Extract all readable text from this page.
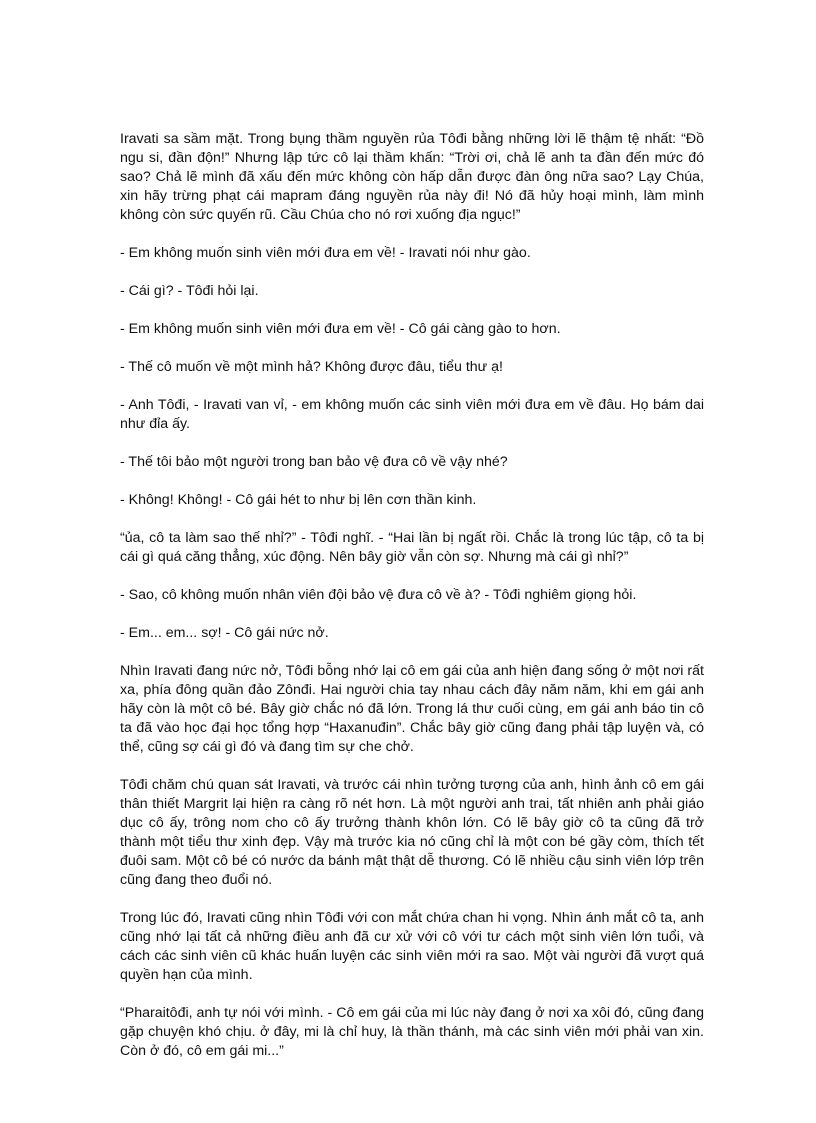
Iravati sa sầm mặt. Trong bụng thầm nguyền rủa Tôđi bằng những lời lẽ thậm tệ nhất: “Đồ ngu si, đần độn!” Nhưng lập tức cô lại thầm khấn: “Trời ơi, chả lẽ anh ta đần đến mức đó sao? Chả lẽ mình đã xấu đến mức không còn hấp dẫn được đàn ông nữa sao? Lạy Chúa, xin hãy trừng phạt cái mapram đáng nguyền rủa này đi! Nó đã hủy hoại mình, làm mình không còn sức quyến rũ. Cầu Chúa cho nó rơi xuống địa ngục!”

- Em không muốn sinh viên mới đưa em về! - Iravati nói như gào.

- Cái gì? - Tôđi hỏi lại.

- Em không muốn sinh viên mới đưa em về! - Cô gái càng gào to hơn.

- Thế cô muốn về một mình hả? Không được đâu, tiểu thư ạ!

- Anh Tôđi, - Iravati van vỉ, - em không muốn các sinh viên mới đưa em về đâu. Họ bám dai như đỉa ấy.

- Thế tôi bảo một người trong ban bảo vệ đưa cô về vậy nhé?

- Không! Không! - Cô gái hét to như bị lên cơn thần kinh.

“ủa, cô ta làm sao thế nhỉ?” - Tôđi nghĩ. - “Hai lần bị ngất rồi. Chắc là trong lúc tập, cô ta bị cái gì quá căng thẳng, xúc động. Nên bây giờ vẫn còn sợ. Nhưng mà cái gì nhỉ?”

- Sao, cô không muốn nhân viên đội bảo vệ đưa cô về à? - Tôđi nghiêm giọng hỏi.

- Em... em... sợ! - Cô gái nức nở.

Nhìn Iravati đang nức nở, Tôđi bỗng nhớ lại cô em gái của anh hiện đang sống ở một nơi rất xa, phía đông quần đảo Zônđi. Hai người chia tay nhau cách đây năm năm, khi em gái anh hãy còn là một cô bé. Bây giờ chắc nó đã lớn. Trong lá thư cuối cùng, em gái anh báo tin cô ta đã vào học đại học tổng hợp “Haxanuđin”. Chắc bây giờ cũng đang phải tập luyện và, có thể, cũng sợ cái gì đó và đang tìm sự che chở.

Tôđi chăm chú quan sát Iravati, và trước cái nhìn tưởng tượng của anh, hình ảnh cô em gái thân thiết Margrit lại hiện ra càng rõ nét hơn. Là một người anh trai, tất nhiên anh phải giáo dục cô ấy, trông nom cho cô ấy trưởng thành khôn lớn. Có lẽ bây giờ cô ta cũng đã trở thành một tiểu thư xinh đẹp. Vậy mà trước kia nó cũng chỉ là một con bé gầy còm, thích tết đuôi sam. Một cô bé có nước da bánh mật thật dễ thương. Có lẽ nhiều cậu sinh viên lớp trên cũng đang theo đuổi nó.

Trong lúc đó, Iravati cũng nhìn Tôđi với con mắt chứa chan hi vọng. Nhìn ánh mắt cô ta, anh cũng nhớ lại tất cả những điều anh đã cư xử với cô với tư cách một sinh viên lớn tuổi, và cách các sinh viên cũ khác huấn luyện các sinh viên mới ra sao. Một vài người đã vượt quá quyền hạn của mình.

“Pharaitôđi, anh tự nói với mình. - Cô em gái của mi lúc này đang ở nơi xa xôi đó, cũng đang gặp chuyện khó chịu. ở đây, mi là chỉ huy, là thần thánh, mà các sinh viên mới phải van xin. Còn ở đó, cô em gái mi...”
